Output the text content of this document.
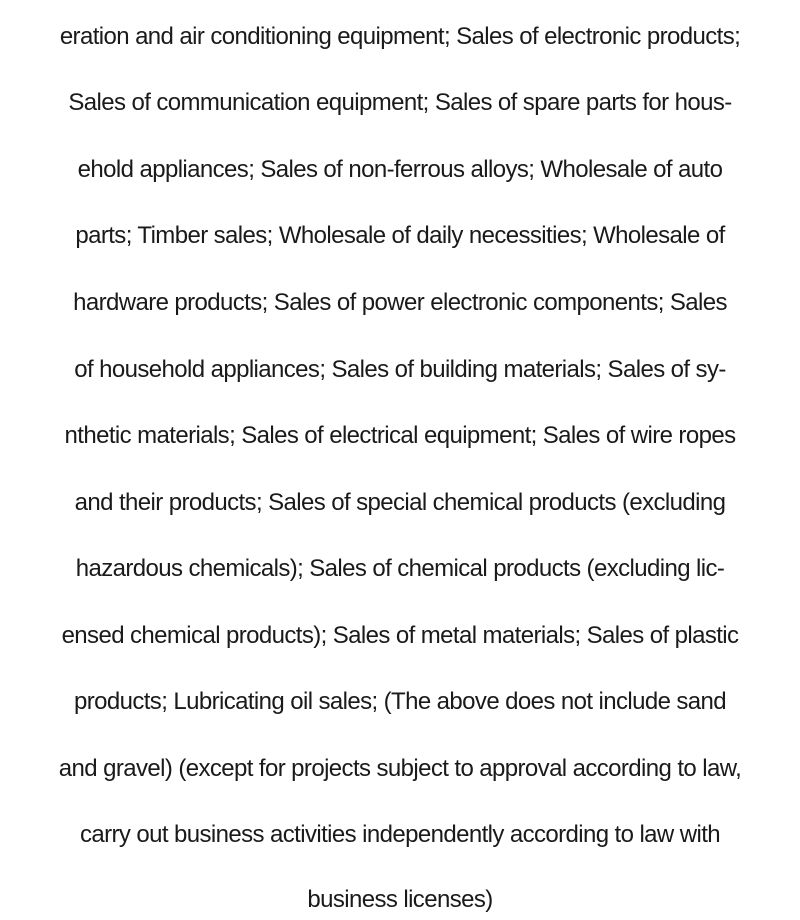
eration and air conditioning equipment; Sales of electronic products;
Sales of communication equipment; Sales of spare parts for hous-
ehold appliances; Sales of non-ferrous alloys; Wholesale of auto
parts; Timber sales; Wholesale of daily necessities; Wholesale of
hardware products; Sales of power electronic components; Sales
of household appliances; Sales of building materials; Sales of sy-
nthetic materials; Sales of electrical equipment; Sales of wire ropes
and their products; Sales of special chemical products (excluding
hazardous chemicals); Sales of chemical products (excluding lic-
ensed chemical products); Sales of metal materials; Sales of plastic
products; Lubricating oil sales; (The above does not include sand
and gravel) (except for projects subject to approval according to law,
carry out business activities independently according to law with
business licenses)
